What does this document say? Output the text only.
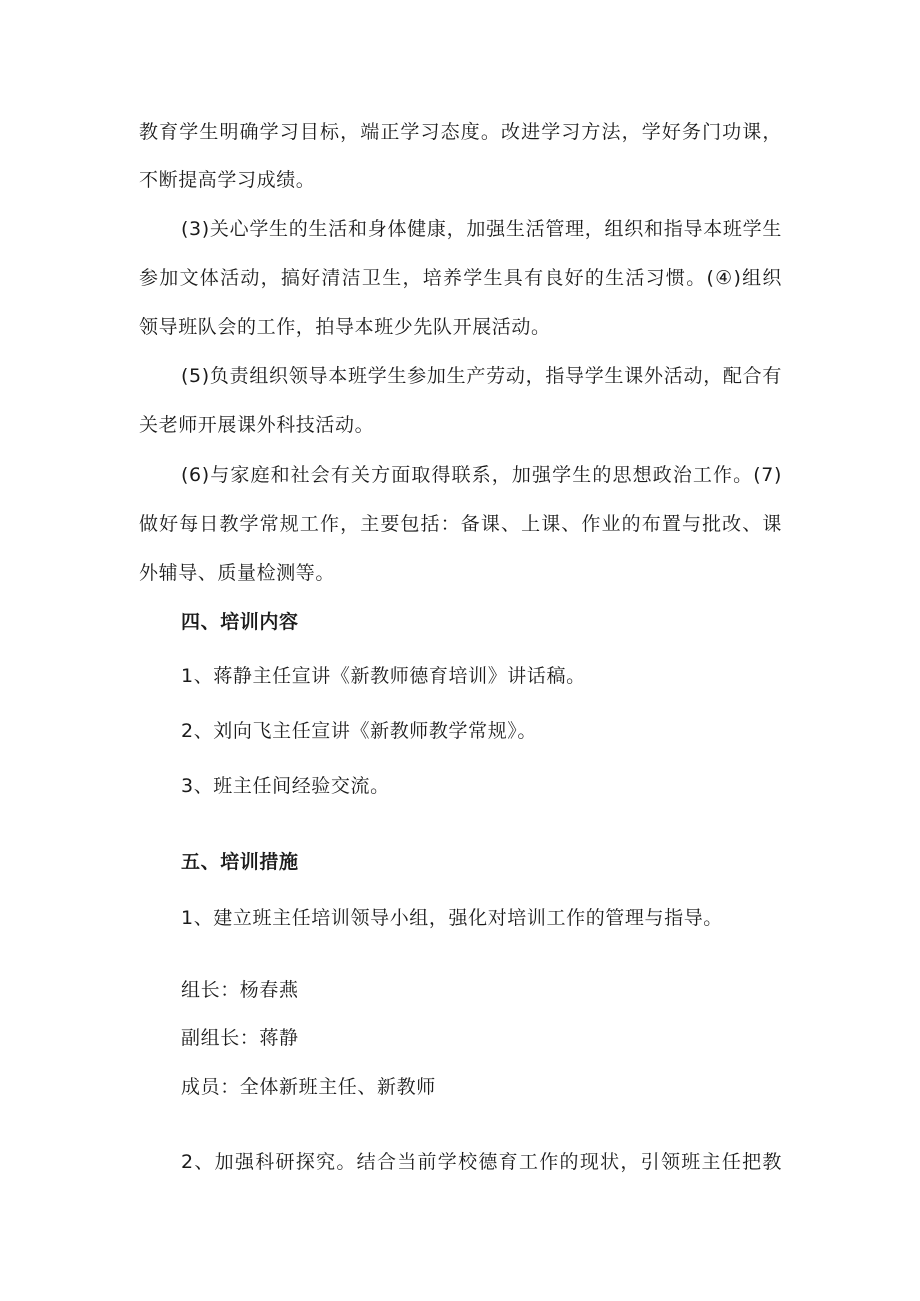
教育学生明确学习目标，端正学习态度。改进学习方法，学好务门功课，
不断提高学习成绩。
(3)关心学生的生活和身体健康，加强生活管理，组织和指导本班学生
参加文体活动，搞好清洁卫生，培养学生具有良好的生活习惯。(④)组织
领导班队会的工作，拍导本班少先队开展活动。
(5)负责组织领导本班学生参加生产劳动，指导学生课外活动，配合有
关老师开展课外科技活动。
(6)与家庭和社会有关方面取得联系，加强学生的思想政治工作。(7)
做好每日教学常规工作，主要包括：备课、上课、作业的布置与批改、课
外辅导、质量检测等。
四、培训内容
1、蒋静主任宣讲《新教师德育培训》讲话稿。
2、刘向飞主任宣讲《新教师教学常规》。
3、班主任间经验交流。
五、培训措施
1、建立班主任培训领导小组，强化对培训工作的管理与指导。
组长：杨春燕
副组长：蒋静
成员：全体新班主任、新教师
2、加强科研探究。结合当前学校德育工作的现状，引领班主任把教
